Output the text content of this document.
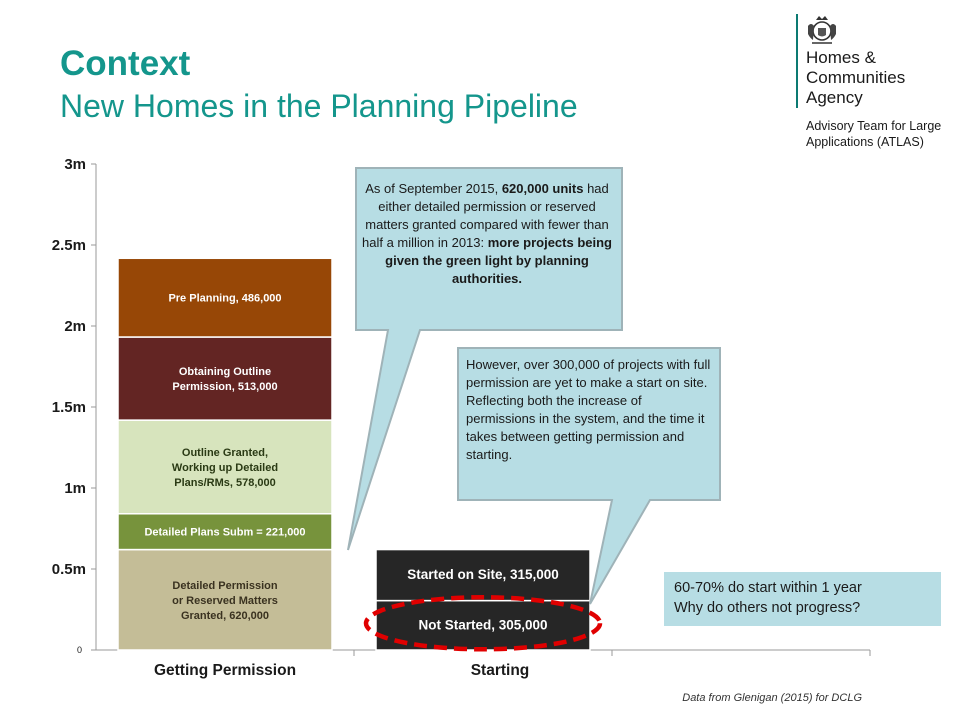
Context
New Homes in the Planning Pipeline
Homes &
Communities
Agency
Advisory Team for Large
Applications (ATLAS)
0
0.5m
1m
1.5m
2m
2.5m
3m
Getting Permission	Starting
Detailed Permission
or Reserved Matters
Granted, 620,000
Detailed Plans Subm = 221,000
Outline Granted,
Working up Detailed
Plans/RMs, 578,000
Obtaining Outline
Permission, 513,000
Pre Planning, 486,000
Not Started, 305,000
Started on Site, 315,000
As of September 2015, 620,000 units had either detailed permission or reserved matters granted compared with fewer than half a million in 2013: more projects being given the green light by planning authorities.
However, over 300,000 of projects with full permission are yet to make a start on site. Reflecting both the increase of permissions in the system, and the time it takes between getting permission and starting.
60-70% do start within 1 year
Why do others not progress?
Data from Glenigan (2015) for DCLG
